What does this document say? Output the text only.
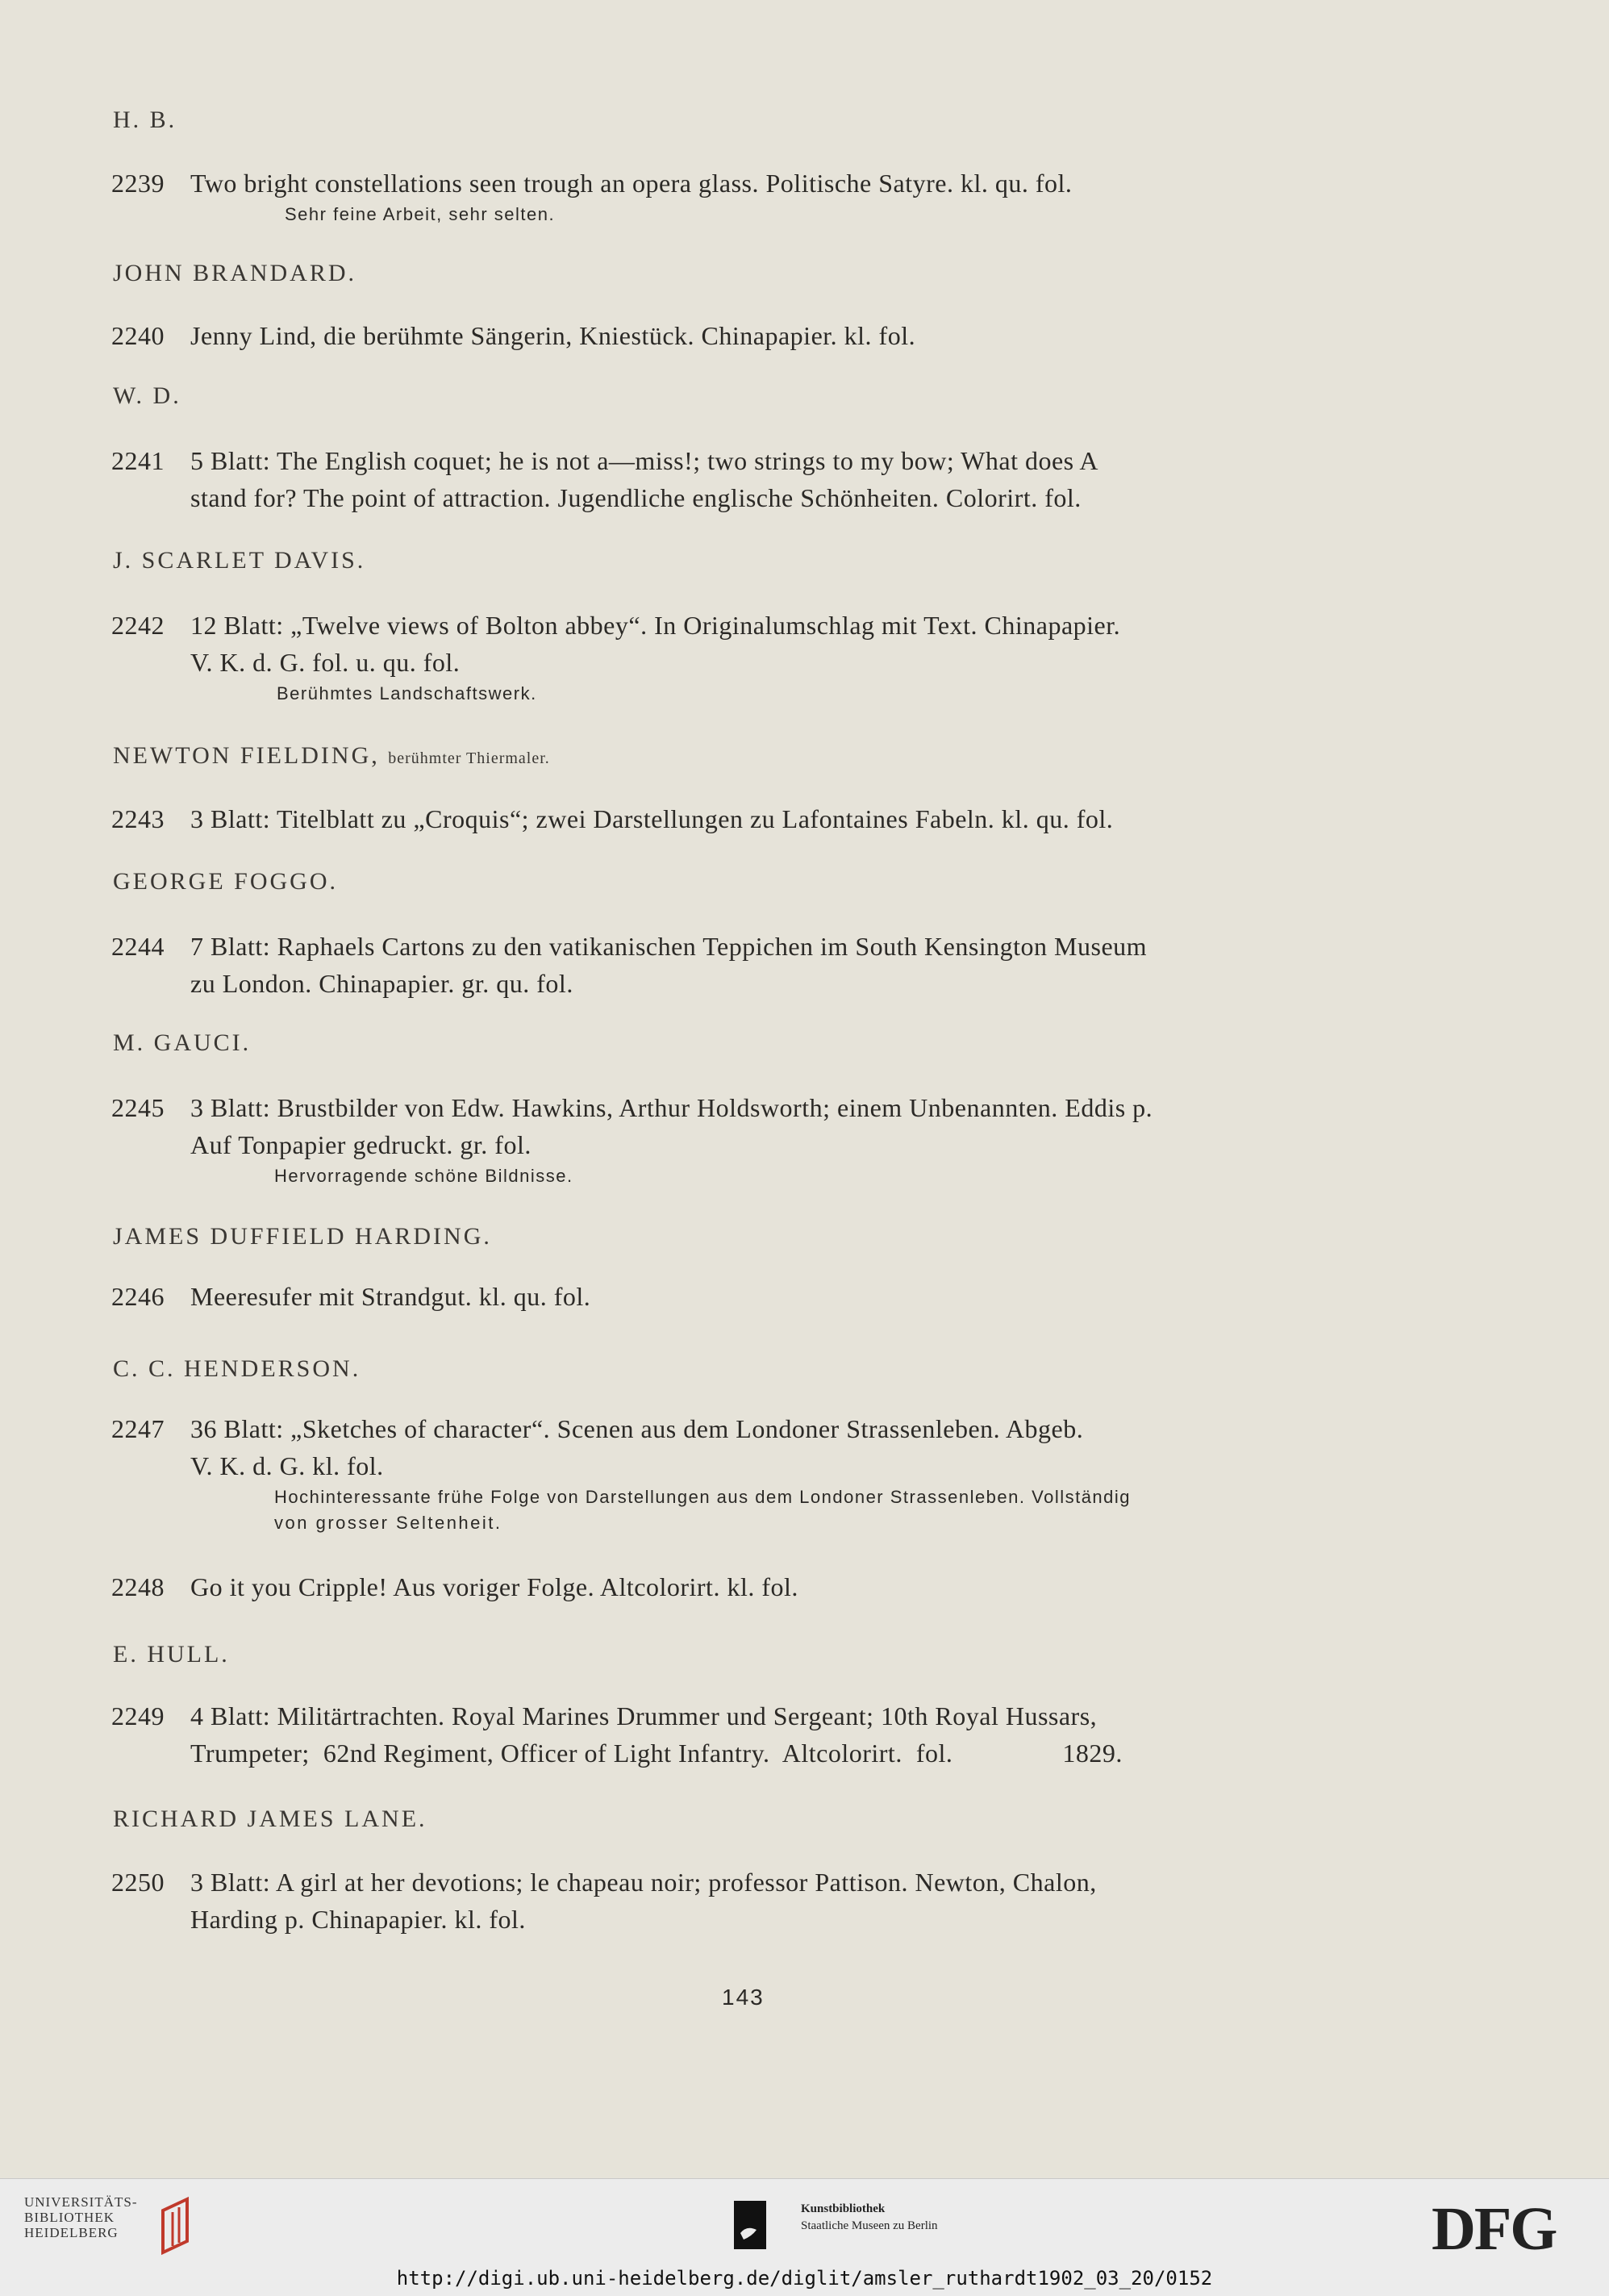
H. B.
2239	Two bright constellations seen trough an opera glass. Politische Satyre. kl. qu. fol.
Sehr feine Arbeit, sehr selten.
JOHN BRANDARD.
2240	Jenny Lind, die berühmte Sängerin, Kniestück. Chinapapier. kl. fol.
W. D.
2241	5 Blatt: The English coquet; he is not a—miss!; two strings to my bow; What does A
stand for? The point of attraction. Jugendliche englische Schönheiten. Colorirt. fol.
J. SCARLET DAVIS.
2242	12 Blatt: „Twelve views of Bolton abbey“. In Originalumschlag mit Text. Chinapapier.
V. K. d. G. fol. u. qu. fol.
Berühmtes Landschaftswerk.
NEWTON FIELDING, berühmter Thiermaler.
2243	3 Blatt: Titelblatt zu „Croquis“; zwei Darstellungen zu Lafontaines Fabeln. kl. qu. fol.
GEORGE FOGGO.
2244	7 Blatt: Raphaels Cartons zu den vatikanischen Teppichen im South Kensington Museum
zu London. Chinapapier. gr. qu. fol.
M. GAUCI.
2245	3 Blatt: Brustbilder von Edw. Hawkins, Arthur Holdsworth; einem Unbenannten. Eddis p.
Auf Tonpapier gedruckt. gr. fol.
Hervorragende schöne Bildnisse.
JAMES DUFFIELD HARDING.
2246	Meeresufer mit Strandgut. kl. qu. fol.
C. C. HENDERSON.
2247	36 Blatt: „Sketches of character“. Scenen aus dem Londoner Strassenleben. Abgeb.
V. K. d. G. kl. fol.
Hochinteressante frühe Folge von Darstellungen aus dem Londoner Strassenleben. Vollständig
von grosser Seltenheit.
2248	Go it you Cripple! Aus voriger Folge. Altcolorirt. kl. fol.
E. HULL.
2249	4 Blatt: Militärtrachten. Royal Marines Drummer und Sergeant; 10th Royal Hussars,
Trumpeter;  62nd Regiment, Officer of Light Infantry.  Altcolorirt.  fol.                1829.
RICHARD JAMES LANE.
2250	3 Blatt: A girl at her devotions; le chapeau noir; professor Pattison. Newton, Chalon,
Harding p. Chinapapier. kl. fol.
143
UNIVERSITÄTS-
BIBLIOTHEK
HEIDELBERG
Kunstbibliothek
Staatliche Museen zu Berlin	DFG
http://digi.ub.uni-heidelberg.de/diglit/amsler_ruthardt1902_03_20/0152
